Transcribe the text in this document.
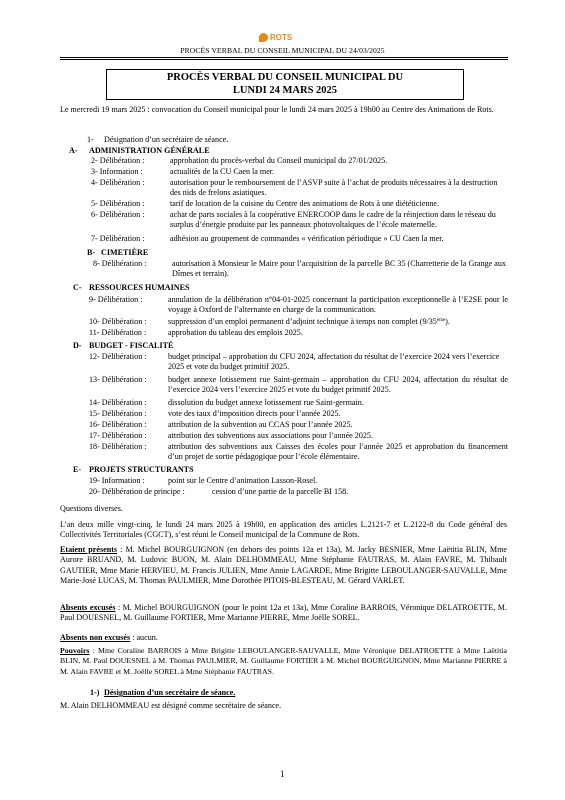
ROTS
PROCÈS VERBAL DU CONSEIL MUNICIPAL DU 24/03/2025
PROCÈS VERBAL DU CONSEIL MUNICIPAL DU
LUNDI 24 MARS 2025
Le mercredi 19 mars 2025 : convocation du Conseil municipal pour le lundi 24 mars 2025 à 19h00 au Centre des Animations de Rots.
1- Désignation d’un secrétaire de séance.
A- ADMINISTRATION GÉNÉRALE
2- Délibération :	approbation du procès-verbal du Conseil municipal du 27/01/2025.
3- Information :	actualités de la CU Caen la mer.
4- Délibération :	autorisation pour le remboursement de l’ASVP suite à l’achat de produits nécessaires à la destruction des nids de frelons asiatiques.
5- Délibération :	tarif de location de la cuisine du Centre des animations de Rots à une diététicienne.
6- Délibération :	achat de parts sociales à la coopérative ENERCOOP dans le cadre de la réinjection dans le réseau du surplus d’énergie produite par les panneaux photovoltaïques de l’école maternelle.
7- Délibération :	adhésion au groupement de commandes « vérification périodique » CU Caen la mer.
B- CIMETIÈRE
8- Délibération :	autorisation à Monsieur le Maire pour l’acquisition de la parcelle BC 35 (Charretterie de la Grange aux Dîmes et terrain).
C- RESSOURCES HUMAINES
9- Délibération :	annulation de la délibération n°04-01-2025 concernant la participation exceptionnelle à l’E2SE pour le voyage à Oxford de l’alternante en charge de la communication.
10- Délibération :	suppression d’un emploi permanent d’adjoint technique à temps non complet (9/35ème).
11- Délibération :	approbation du tableau des emplois 2025.
D- BUDGET - FISCALITÉ
12- Délibération :	budget principal – approbation du CFU 2024, affectation du résultat de l’exercice 2024 vers l’exercice 2025 et vote du budget primitif 2025.
13- Délibération :	budget annexe lotissement rue Saint-germain – approbation du CFU 2024, affectation du résultat de l’exercice 2024 vers l’exercice 2025 et vote du budget primitif 2025.
14- Délibération :	dissolution du budget annexe lotissement rue Saint-germain.
15- Délibération :	vote des taux d’imposition directs pour l’année 2025.
16- Délibération :	attribution de la subvention au CCAS pour l’année 2025.
17- Délibération :	attribution des subventions aux associations pour l’année 2025.
18- Délibération :	attribution des subventions aux Caisses des écoles pour l’année 2025 et approbation du financement d’un projet de sortie pédagogique pour l’école élémentaire.
E- PROJETS STRUCTURANTS
19- Information :	point sur le Centre d’animation Lasson-Rosel.
20- Délibération de principe :	cession d’une partie de la parcelle BI 158.
Questions diverses.
L’an deux mille vingt-cinq, le lundi 24 mars 2025 à 19h00, en application des articles L.2121-7 et L.2122-8 du Code général des Collectivités Territoriales (CGCT), s’est réuni le Conseil municipal de la Commune de Rots.
Etaient présents : M. Michel BOURGUIGNON (en dehors des points 12a et 13a), M. Jacky BESNIER, Mme Laëtitia BLIN, Mme Aurore BRUAND, M. Ludovic BUON, M. Alain DELHOMMEAU, Mme Stéphanie FAUTRAS, M. Alain FAVRE, M. Thibault GAUTIER, Mme Marie HERVIEU, M. Francis JULIEN, Mme Annie LAGARDE, Mme Brigitte LEBOULANGER-SAUVALLE, Mme Marie-José LUCAS, M. Thomas PAULMIER, Mme Dorothée PITOIS-BLESTEAU, M. Gérard VARLET.
Absents excusés : M. Michel BOURGUIGNON (pour le point 12a et 13a), Mme Coraline BARROIS, Véronique DELATROETTE, M. Paul DOUESNEL, M. Guillaume FORTIER, Mme Marianne PIERRE, Mme Joëlle SOREL.
Absents non excusés : aucun.
Pouvoirs : Mme Coraline BARROIS à Mme Brigitte LEBOULANGER-SAUVALLE, Mme Véronique DELATROETTE à Mme Laëtitia BLIN, M. Paul DOUESNEL à M. Thomas PAULMIER, M. Guillaume FORTIER à M. Michel BOURGUIGNON, Mme Marianne PIERRE à M. Alain FAVRE et M. Joëlle SOREL à Mme Stéphanie FAUTRAS.
1-) Désignation d’un secrétaire de séance.
M. Alain DELHOMMEAU est désigné comme secrétaire de séance.
1
